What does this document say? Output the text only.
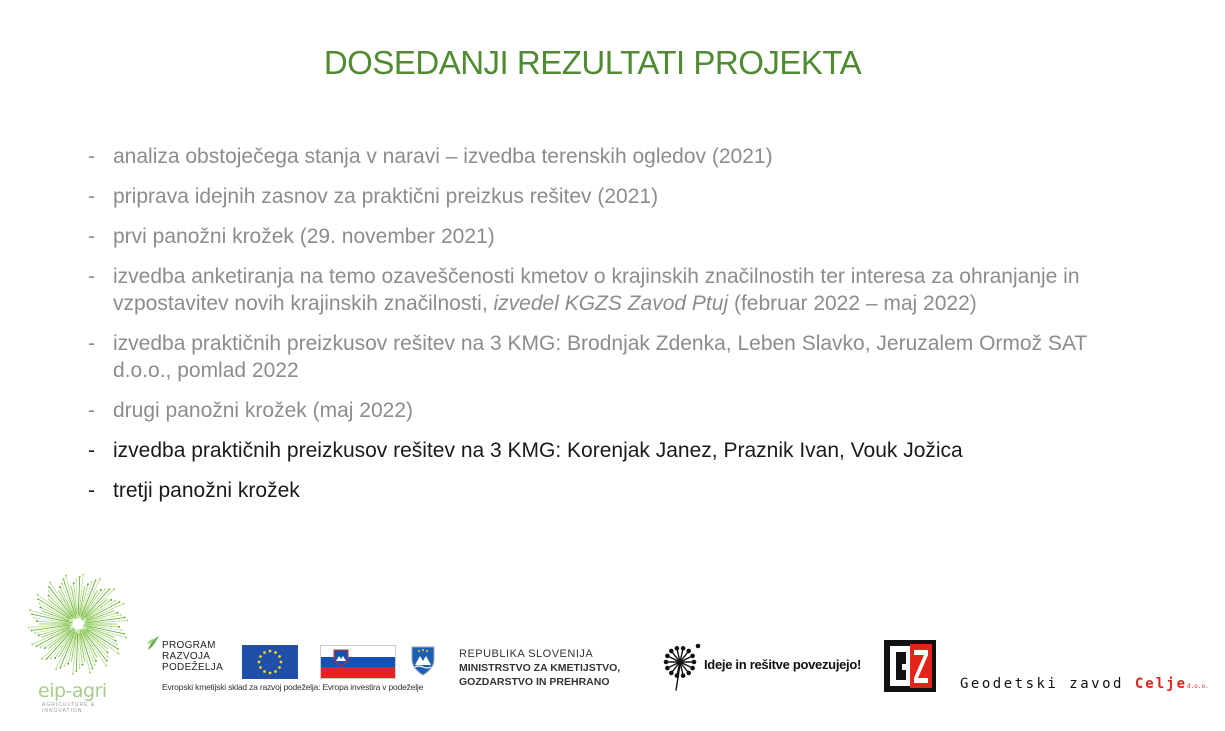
DOSEDANJI REZULTATI PROJEKTA
- analiza obstoječega stanja v naravi – izvedba terenskih ogledov (2021)
- priprava idejnih zasnov za praktični preizkus rešitev (2021)
- prvi panožni krožek (29. november 2021)
- izvedba anketiranja na temo ozaveščenosti kmetov o krajinskih značilnostih ter interesa za ohranjanje in vzpostavitev novih krajinskih značilnosti, izvedel KGZS Zavod Ptuj (februar 2022 – maj 2022)
- izvedba praktičnih preizkusov rešitev na 3 KMG: Brodnjak Zdenka, Leben Slavko, Jeruzalem Ormož SAT d.o.o., pomlad 2022
- drugi panožni krožek (maj 2022)
- izvedba praktičnih preizkusov rešitev na 3 KMG: Korenjak Janez, Praznik Ivan, Vouk Jožica
- tretji panožni krožek
eip-agri
AGRICULTURE & INNOVATION
PROGRAM
RAZVOJA
PODEŽELJA
Evropski kmetijski sklad za razvoj podeželja: Evropa investira v podeželje
REPUBLIKA SLOVENIJA
MINISTRSTVO ZA KMETIJSTVO,
GOZDARSTVO IN PREHRANO
Ideje in rešitve povezujejo!
Geodetski zavod Celjed.o.o.
